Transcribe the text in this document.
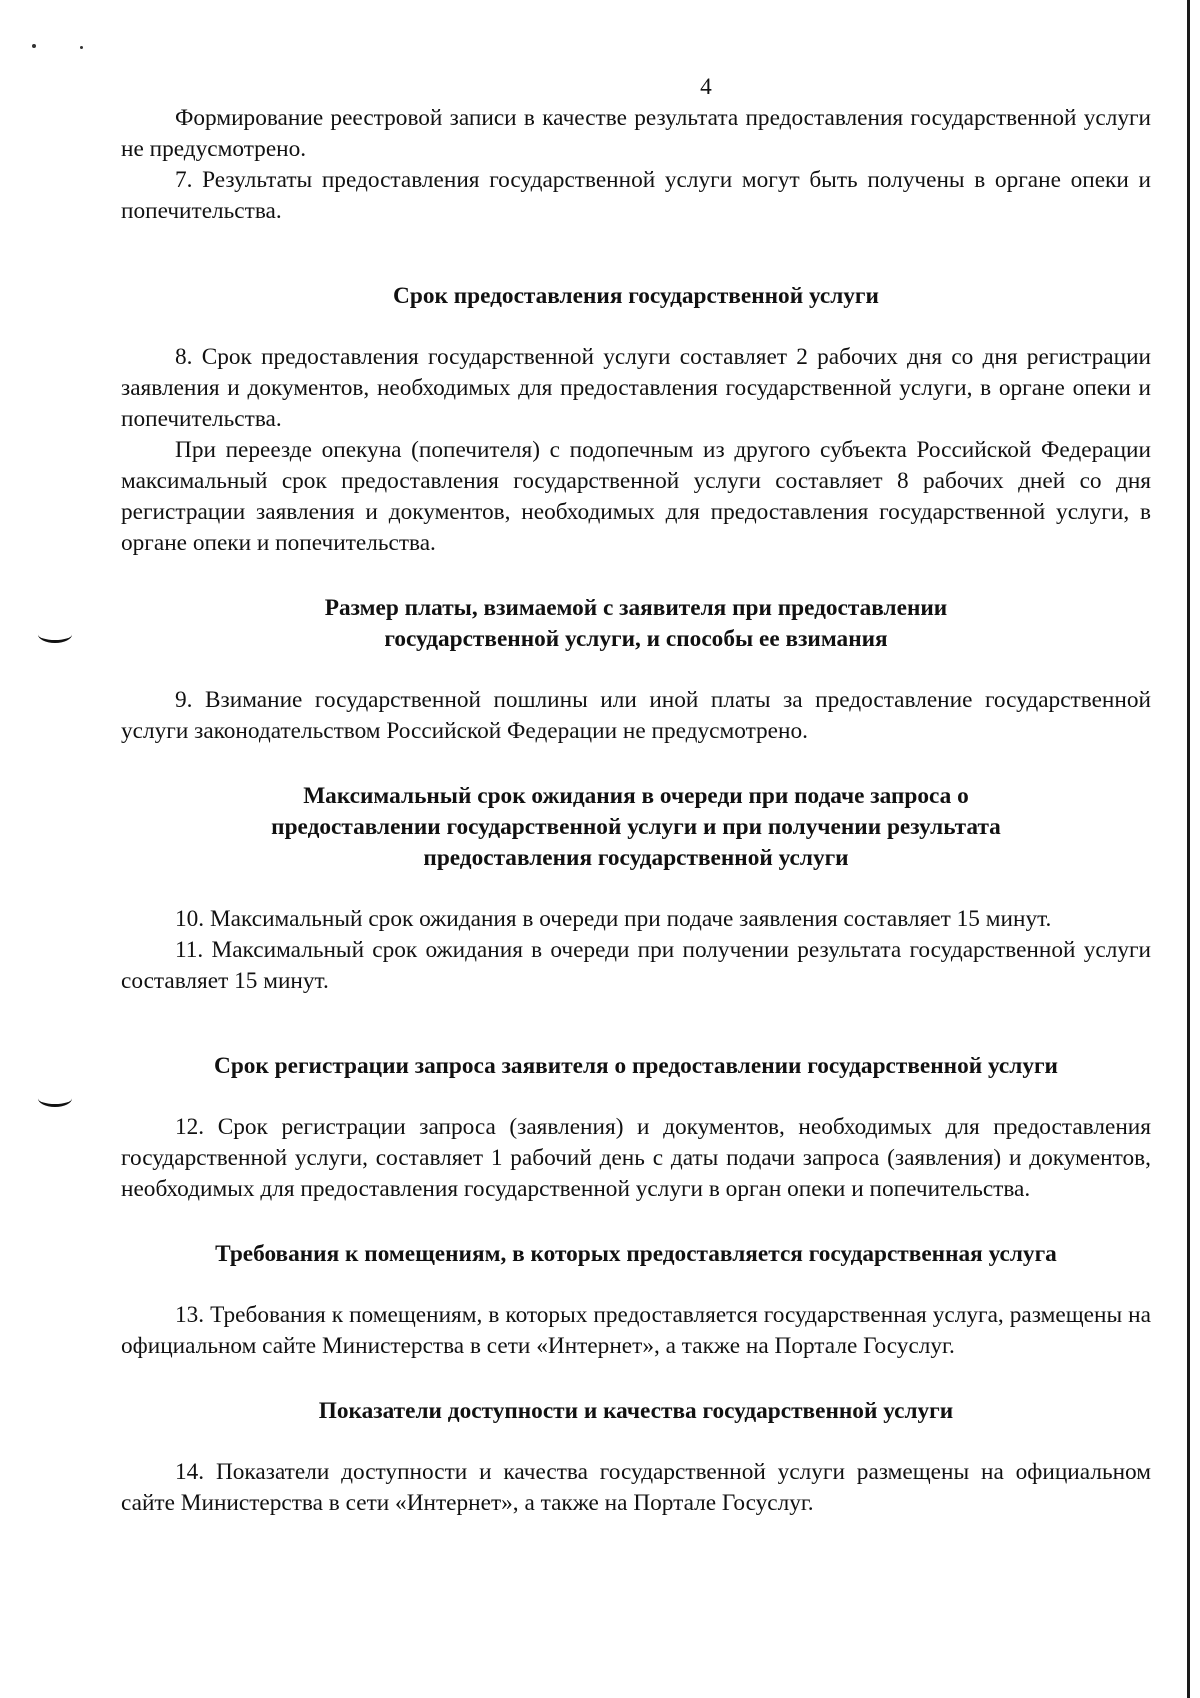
4

Формирование реестровой записи в качестве результата предоставления государственной услуги не предусмотрено.

7. Результаты предоставления государственной услуги могут быть получены в органе опеки и попечительства.

Срок предоставления государственной услуги

8. Срок предоставления государственной услуги составляет 2 рабочих дня со дня регистрации заявления и документов, необходимых для предоставления государственной услуги, в органе опеки и попечительства.

При переезде опекуна (попечителя) с подопечным из другого субъекта Российской Федерации максимальный срок предоставления государственной услуги составляет 8 рабочих дней со дня регистрации заявления и документов, необходимых для предоставления государственной услуги, в органе опеки и попечительства.

Размер платы, взимаемой с заявителя при предоставлении
государственной услуги, и способы ее взимания

9. Взимание государственной пошлины или иной платы за предоставление государственной услуги законодательством Российской Федерации не предусмотрено.

Максимальный срок ожидания в очереди при подаче запроса о
предоставлении государственной услуги и при получении результата
предоставления государственной услуги

10. Максимальный срок ожидания в очереди при подаче заявления составляет 15 минут.

11. Максимальный срок ожидания в очереди при получении результата государственной услуги составляет 15 минут.

Срок регистрации запроса заявителя о предоставлении государственной услуги

12. Срок регистрации запроса (заявления) и документов, необходимых для предоставления государственной услуги, составляет 1 рабочий день с даты подачи запроса (заявления) и документов, необходимых для предоставления государственной услуги в орган опеки и попечительства.

Требования к помещениям, в которых предоставляется государственная услуга

13. Требования к помещениям, в которых предоставляется государственная услуга, размещены на официальном сайте Министерства в сети «Интернет», а также на Портале Госуслуг.

Показатели доступности и качества государственной услуги

14. Показатели доступности и качества государственной услуги размещены на официальном сайте Министерства в сети «Интернет», а также на Портале Госуслуг.
